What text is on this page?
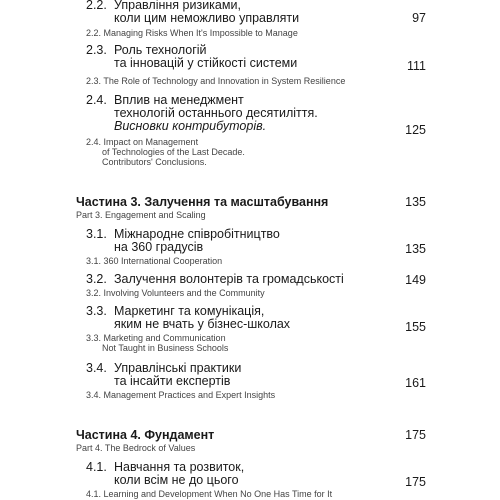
2.2. Управління ризиками,
коли цим неможливо управляти	97
2.2. Managing Risks When It's Impossible to Manage
2.3. Роль технологій
та інновацій у стійкості системи	111
2.3. The Role of Technology and Innovation in System Resilience
2.4. Вплив на менеджмент
технологій останнього десятиліття.
Висновки контрибуторів.	125
2.4. Impact on Management
of Technologies of the Last Decade.
Contributors' Conclusions.
Частина 3. Залучення та масштабування	135
Part 3. Engagement and Scaling
3.1. Міжнародне співробітництво
на 360 градусів	135
3.1. 360 International Cooperation
3.2. Залучення волонтерів та громадськості	149
3.2. Involving Volunteers and the Community
3.3. Маркетинг та комунікація,
яким не вчать у бізнес-школах	155
3.3. Marketing and Communication
Not Taught in Business Schools
3.4. Управлінські практики
та інсайти експертів	161
3.4. Management Practices and Expert Insights
Частина 4. Фундамент	175
Part 4. The Bedrock of Values
4.1. Навчання та розвиток,
коли всім не до цього	175
4.1. Learning and Development When No One Has Time for It
